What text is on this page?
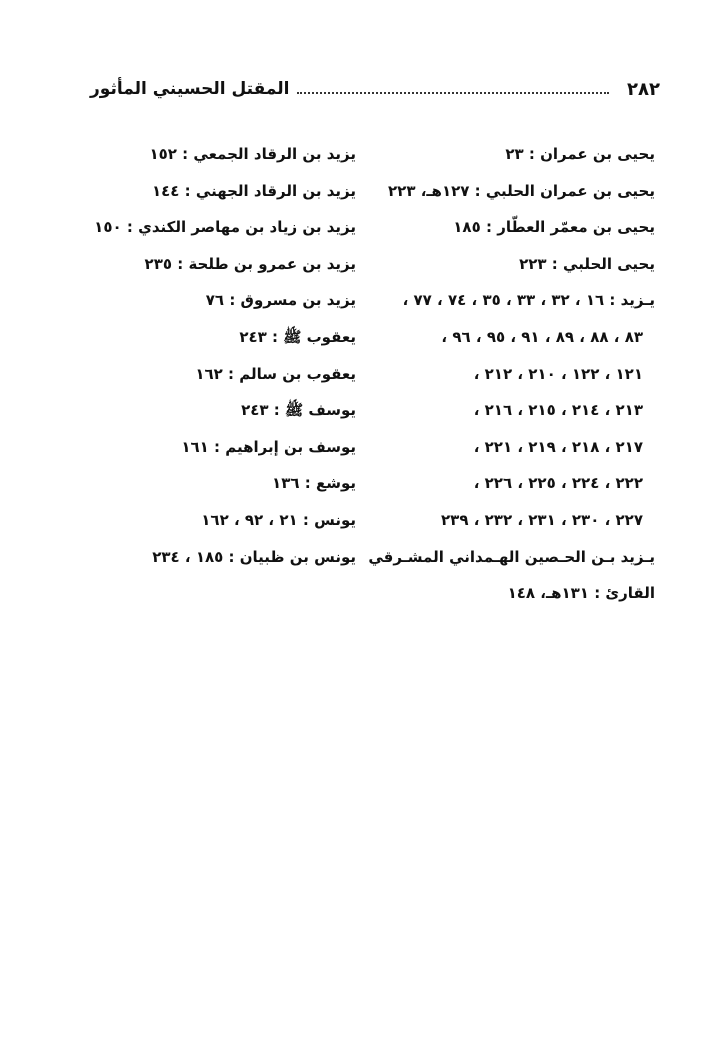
٢٨٢
المقتل الحسيني المأثور
يحيى بن عمران : ٢٣
يحيى بن عمران الحلبي : ١٢٧هـ، ٢٢٣
يحيى بن معمّر العطّار : ١٨٥
يحيى الحلبي : ٢٢٣
يـزيد : ١٦ ، ٣٢ ، ٣٣ ، ٣٥ ، ٧٤ ، ٧٧ ،
٨٣ ، ٨٨ ، ٨٩ ، ٩١ ، ٩٥ ، ٩٦ ،
١٢١ ، ١٢٢ ، ٢١٠ ، ٢١٢ ،
٢١٣ ، ٢١٤ ، ٢١٥ ، ٢١٦ ،
٢١٧ ، ٢١٨ ، ٢١٩ ، ٢٢١ ،
٢٢٢ ، ٢٢٤ ، ٢٢٥ ، ٢٢٦ ،
٢٢٧ ، ٢٣٠ ، ٢٣١ ، ٢٣٢ ، ٢٣٩
يـزيد بـن الحـصين الهـمداني المشـرقي
القارئ : ١٣١هـ، ١٤٨
يزيد بن الرقاد الجمعي : ١٥٢
يزيد بن الرقاد الجهني : ١٤٤
يزيد بن زياد بن مهاصر الكندي : ١٥٠
يزيد بن عمرو بن طلحة : ٢٣٥
يزيد بن مسروق : ٧٦
يعقوب ﷺ : ٢٤٣
يعقوب بن سالم : ١٦٢
يوسف ﷺ : ٢٤٣
يوسف بن إبراهيم : ١٦١
يوشع : ١٣٦
يونس : ٢١ ، ٩٢ ، ١٦٢
يونس بن ظبيان : ١٨٥ ، ٢٣٤
